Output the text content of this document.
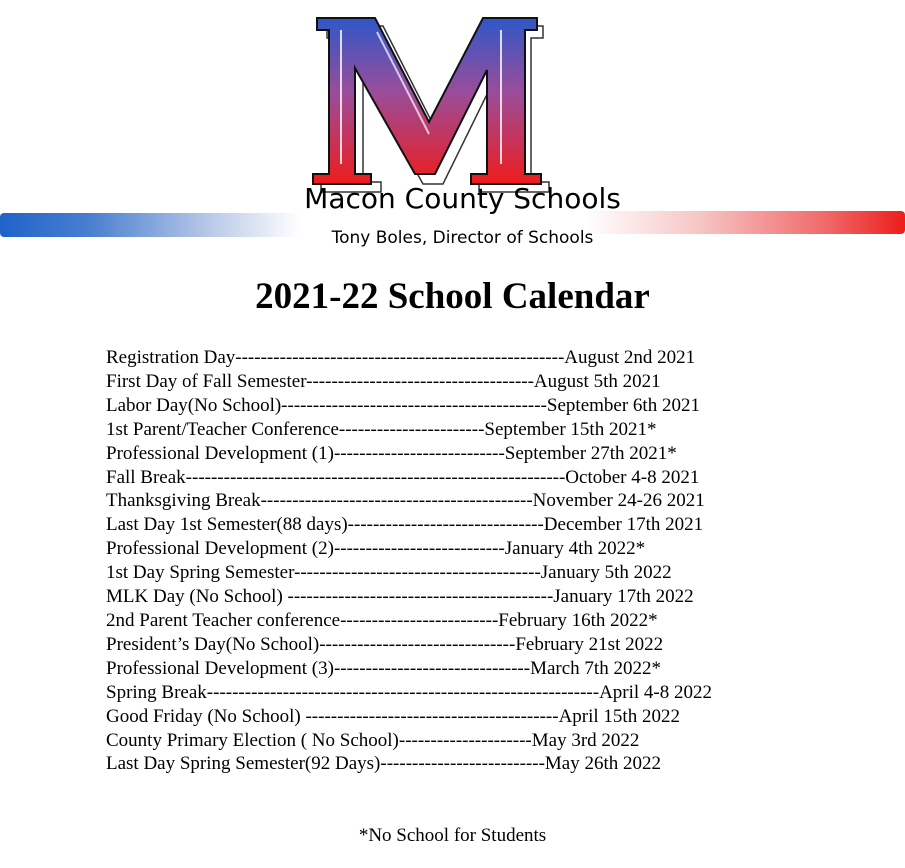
Macon County Schools
Tony Boles, Director of Schools
2021-22 School Calendar
Registration Day----------------------------------------------------August 2nd 2021
First Day of Fall Semester------------------------------------August 5th 2021
Labor Day(No School)------------------------------------------September 6th 2021
1st Parent/Teacher Conference-----------------------September 15th 2021*
Professional Development (1)---------------------------September 27th 2021*
Fall Break------------------------------------------------------------October 4-8 2021
Thanksgiving Break-------------------------------------------November 24-26 2021
Last Day 1st Semester(88 days)-------------------------------December 17th 2021
Professional Development (2)---------------------------January 4th 2022*
1st Day Spring Semester---------------------------------------January 5th 2022
MLK Day (No School) ------------------------------------------January 17th 2022
2nd Parent Teacher conference-------------------------February 16th 2022*
President’s Day(No School)-------------------------------February 21st 2022
Professional Development (3)-------------------------------March 7th 2022*
Spring Break--------------------------------------------------------------April 4-8 2022
Good Friday (No School) ----------------------------------------April 15th 2022
County Primary Election ( No School)---------------------May 3rd 2022
Last Day Spring Semester(92 Days)--------------------------May 26th 2022
*No School for Students
